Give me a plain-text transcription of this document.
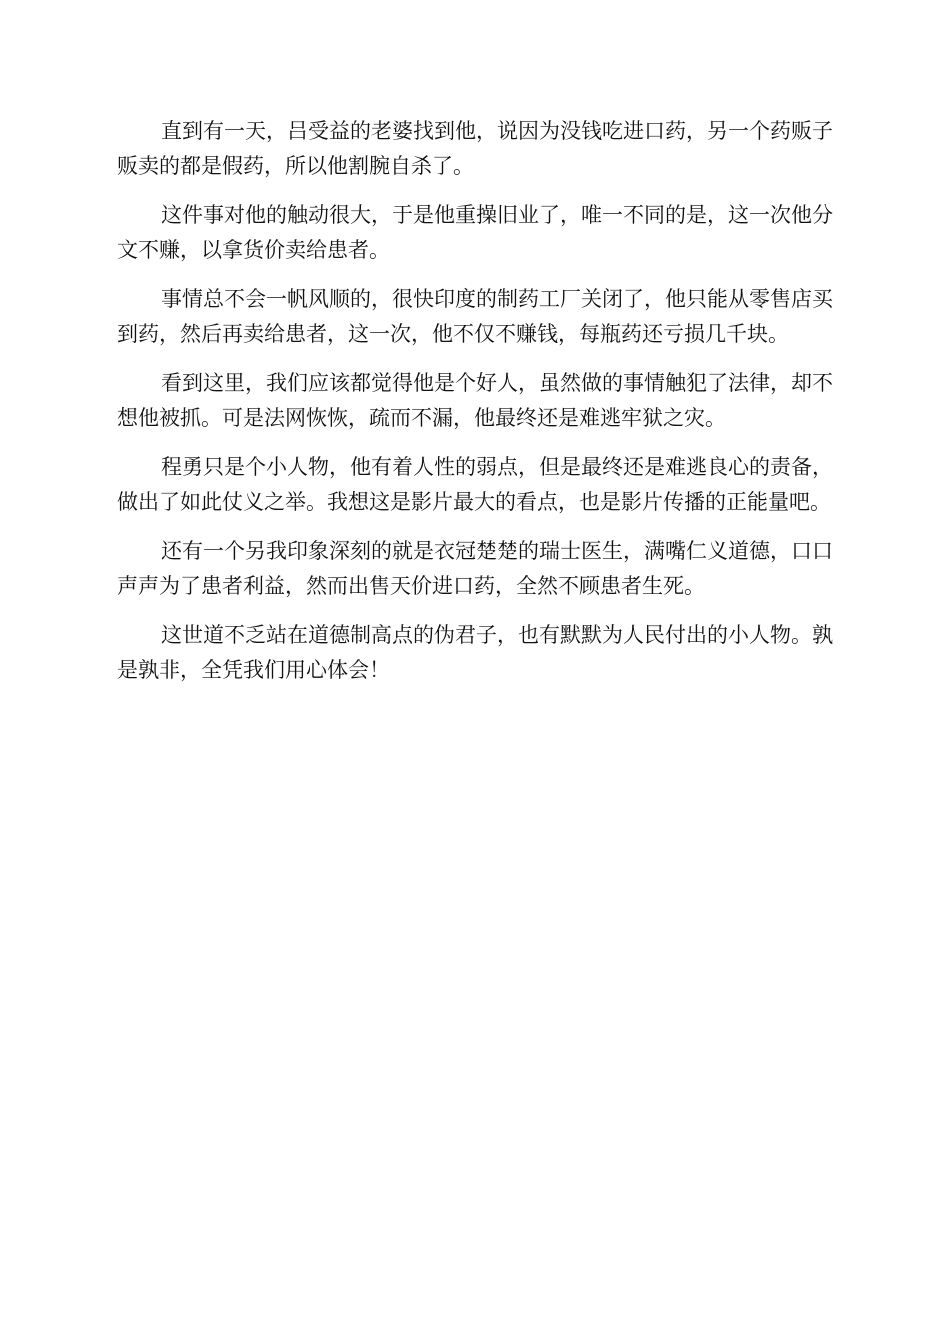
直到有一天，吕受益的老婆找到他，说因为没钱吃进口药，另一个药贩子贩卖的都是假药，所以他割腕自杀了。

这件事对他的触动很大，于是他重操旧业了，唯一不同的是，这一次他分文不赚，以拿货价卖给患者。

事情总不会一帆风顺的，很快印度的制药工厂关闭了，他只能从零售店买到药，然后再卖给患者，这一次，他不仅不赚钱，每瓶药还亏损几千块。

看到这里，我们应该都觉得他是个好人，虽然做的事情触犯了法律，却不想他被抓。可是法网恢恢，疏而不漏，他最终还是难逃牢狱之灾。

程勇只是个小人物，他有着人性的弱点，但是最终还是难逃良心的责备，做出了如此仗义之举。我想这是影片最大的看点，也是影片传播的正能量吧。

还有一个另我印象深刻的就是衣冠楚楚的瑞士医生，满嘴仁义道德，口口声声为了患者利益，然而出售天价进口药，全然不顾患者生死。

这世道不乏站在道德制高点的伪君子，也有默默为人民付出的小人物。孰是孰非，全凭我们用心体会！
